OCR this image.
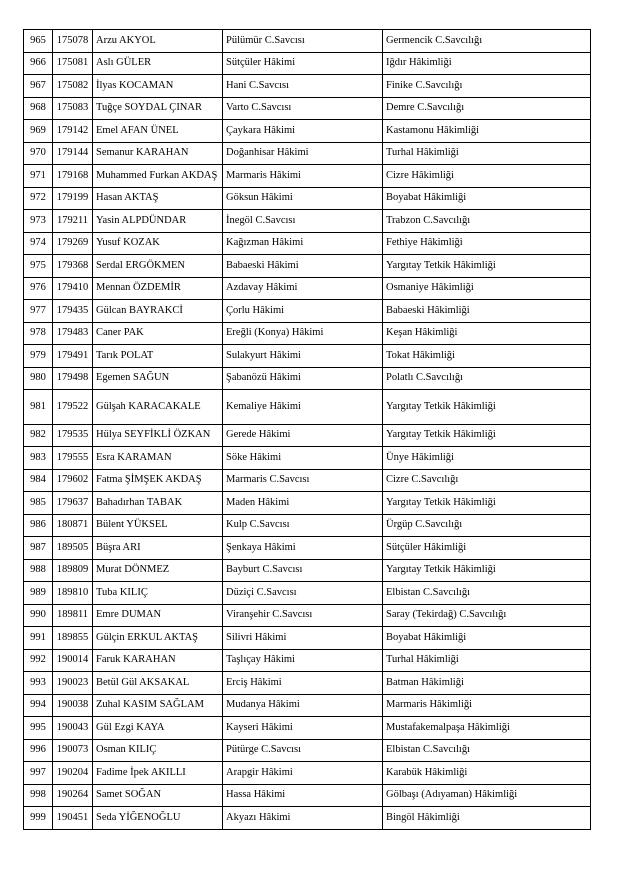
965	175078	Arzu AKYOL	Pülümür C.Savcısı	Germencik C.Savcılığı
966	175081	Aslı GÜLER	Sütçüler Hâkimi	Iğdır Hâkimliği
967	175082	İlyas KOCAMAN	Hani C.Savcısı	Finike C.Savcılığı
968	175083	Tuğçe SOYDAL ÇINAR	Varto C.Savcısı	Demre C.Savcılığı
969	179142	Emel AFAN ÜNEL	Çaykara Hâkimi	Kastamonu Hâkimliği
970	179144	Semanur KARAHAN	Doğanhisar Hâkimi	Turhal Hâkimliği
971	179168	Muhammed Furkan AKDAŞ	Marmaris Hâkimi	Cizre Hâkimliği
972	179199	Hasan AKTAŞ	Göksun Hâkimi	Boyabat Hâkimliği
973	179211	Yasin ALPDÜNDAR	İnegöl C.Savcısı	Trabzon C.Savcılığı
974	179269	Yusuf KOZAK	Kağızman Hâkimi	Fethiye Hâkimliği
975	179368	Serdal ERGÖKMEN	Babaeski Hâkimi	Yargıtay Tetkik Hâkimliği
976	179410	Mennan ÖZDEMİR	Azdavay Hâkimi	Osmaniye Hâkimliği
977	179435	Gülcan BAYRAKCİ	Çorlu Hâkimi	Babaeski Hâkimliği
978	179483	Caner PAK	Ereğli (Konya) Hâkimi	Keşan Hâkimliği
979	179491	Tarık POLAT	Sulakyurt Hâkimi	Tokat Hâkimliği
980	179498	Egemen SAĞUN	Şabanözü Hâkimi	Polatlı C.Savcılığı
981	179522	Gülşah KARACAKALE	Kemaliye Hâkimi	Yargıtay Tetkik Hâkimliği
982	179535	Hülya SEYFİKLİ ÖZKAN	Gerede Hâkimi	Yargıtay Tetkik Hâkimliği
983	179555	Esra KARAMAN	Söke Hâkimi	Ünye Hâkimliği
984	179602	Fatma ŞİMŞEK AKDAŞ	Marmaris C.Savcısı	Cizre C.Savcılığı
985	179637	Bahadırhan TABAK	Maden Hâkimi	Yargıtay Tetkik Hâkimliği
986	180871	Bülent YÜKSEL	Kulp C.Savcısı	Ürgüp C.Savcılığı
987	189505	Büşra ARI	Şenkaya Hâkimi	Sütçüler Hâkimliği
988	189809	Murat DÖNMEZ	Bayburt C.Savcısı	Yargıtay Tetkik Hâkimliği
989	189810	Tuba KILIÇ	Düziçi C.Savcısı	Elbistan C.Savcılığı
990	189811	Emre DUMAN	Viranşehir C.Savcısı	Saray (Tekirdağ) C.Savcılığı
991	189855	Gülçin ERKUL AKTAŞ	Silivri Hâkimi	Boyabat Hâkimliği
992	190014	Faruk KARAHAN	Taşlıçay Hâkimi	Turhal Hâkimliği
993	190023	Betül Gül AKSAKAL	Erciş Hâkimi	Batman Hâkimliği
994	190038	Zuhal KASIM SAĞLAM	Mudanya Hâkimi	Marmaris Hâkimliği
995	190043	Gül Ezgi KAYA	Kayseri Hâkimi	Mustafakemalpaşa Hâkimliği
996	190073	Osman KILIÇ	Pütürge C.Savcısı	Elbistan C.Savcılığı
997	190204	Fadime İpek AKILLI	Arapgir Hâkimi	Karabük Hâkimliği
998	190264	Samet SOĞAN	Hassa Hâkimi	Gölbaşı (Adıyaman) Hâkimliği
999	190451	Seda YİĞENOĞLU	Akyazı Hâkimi	Bingöl Hâkimliği
